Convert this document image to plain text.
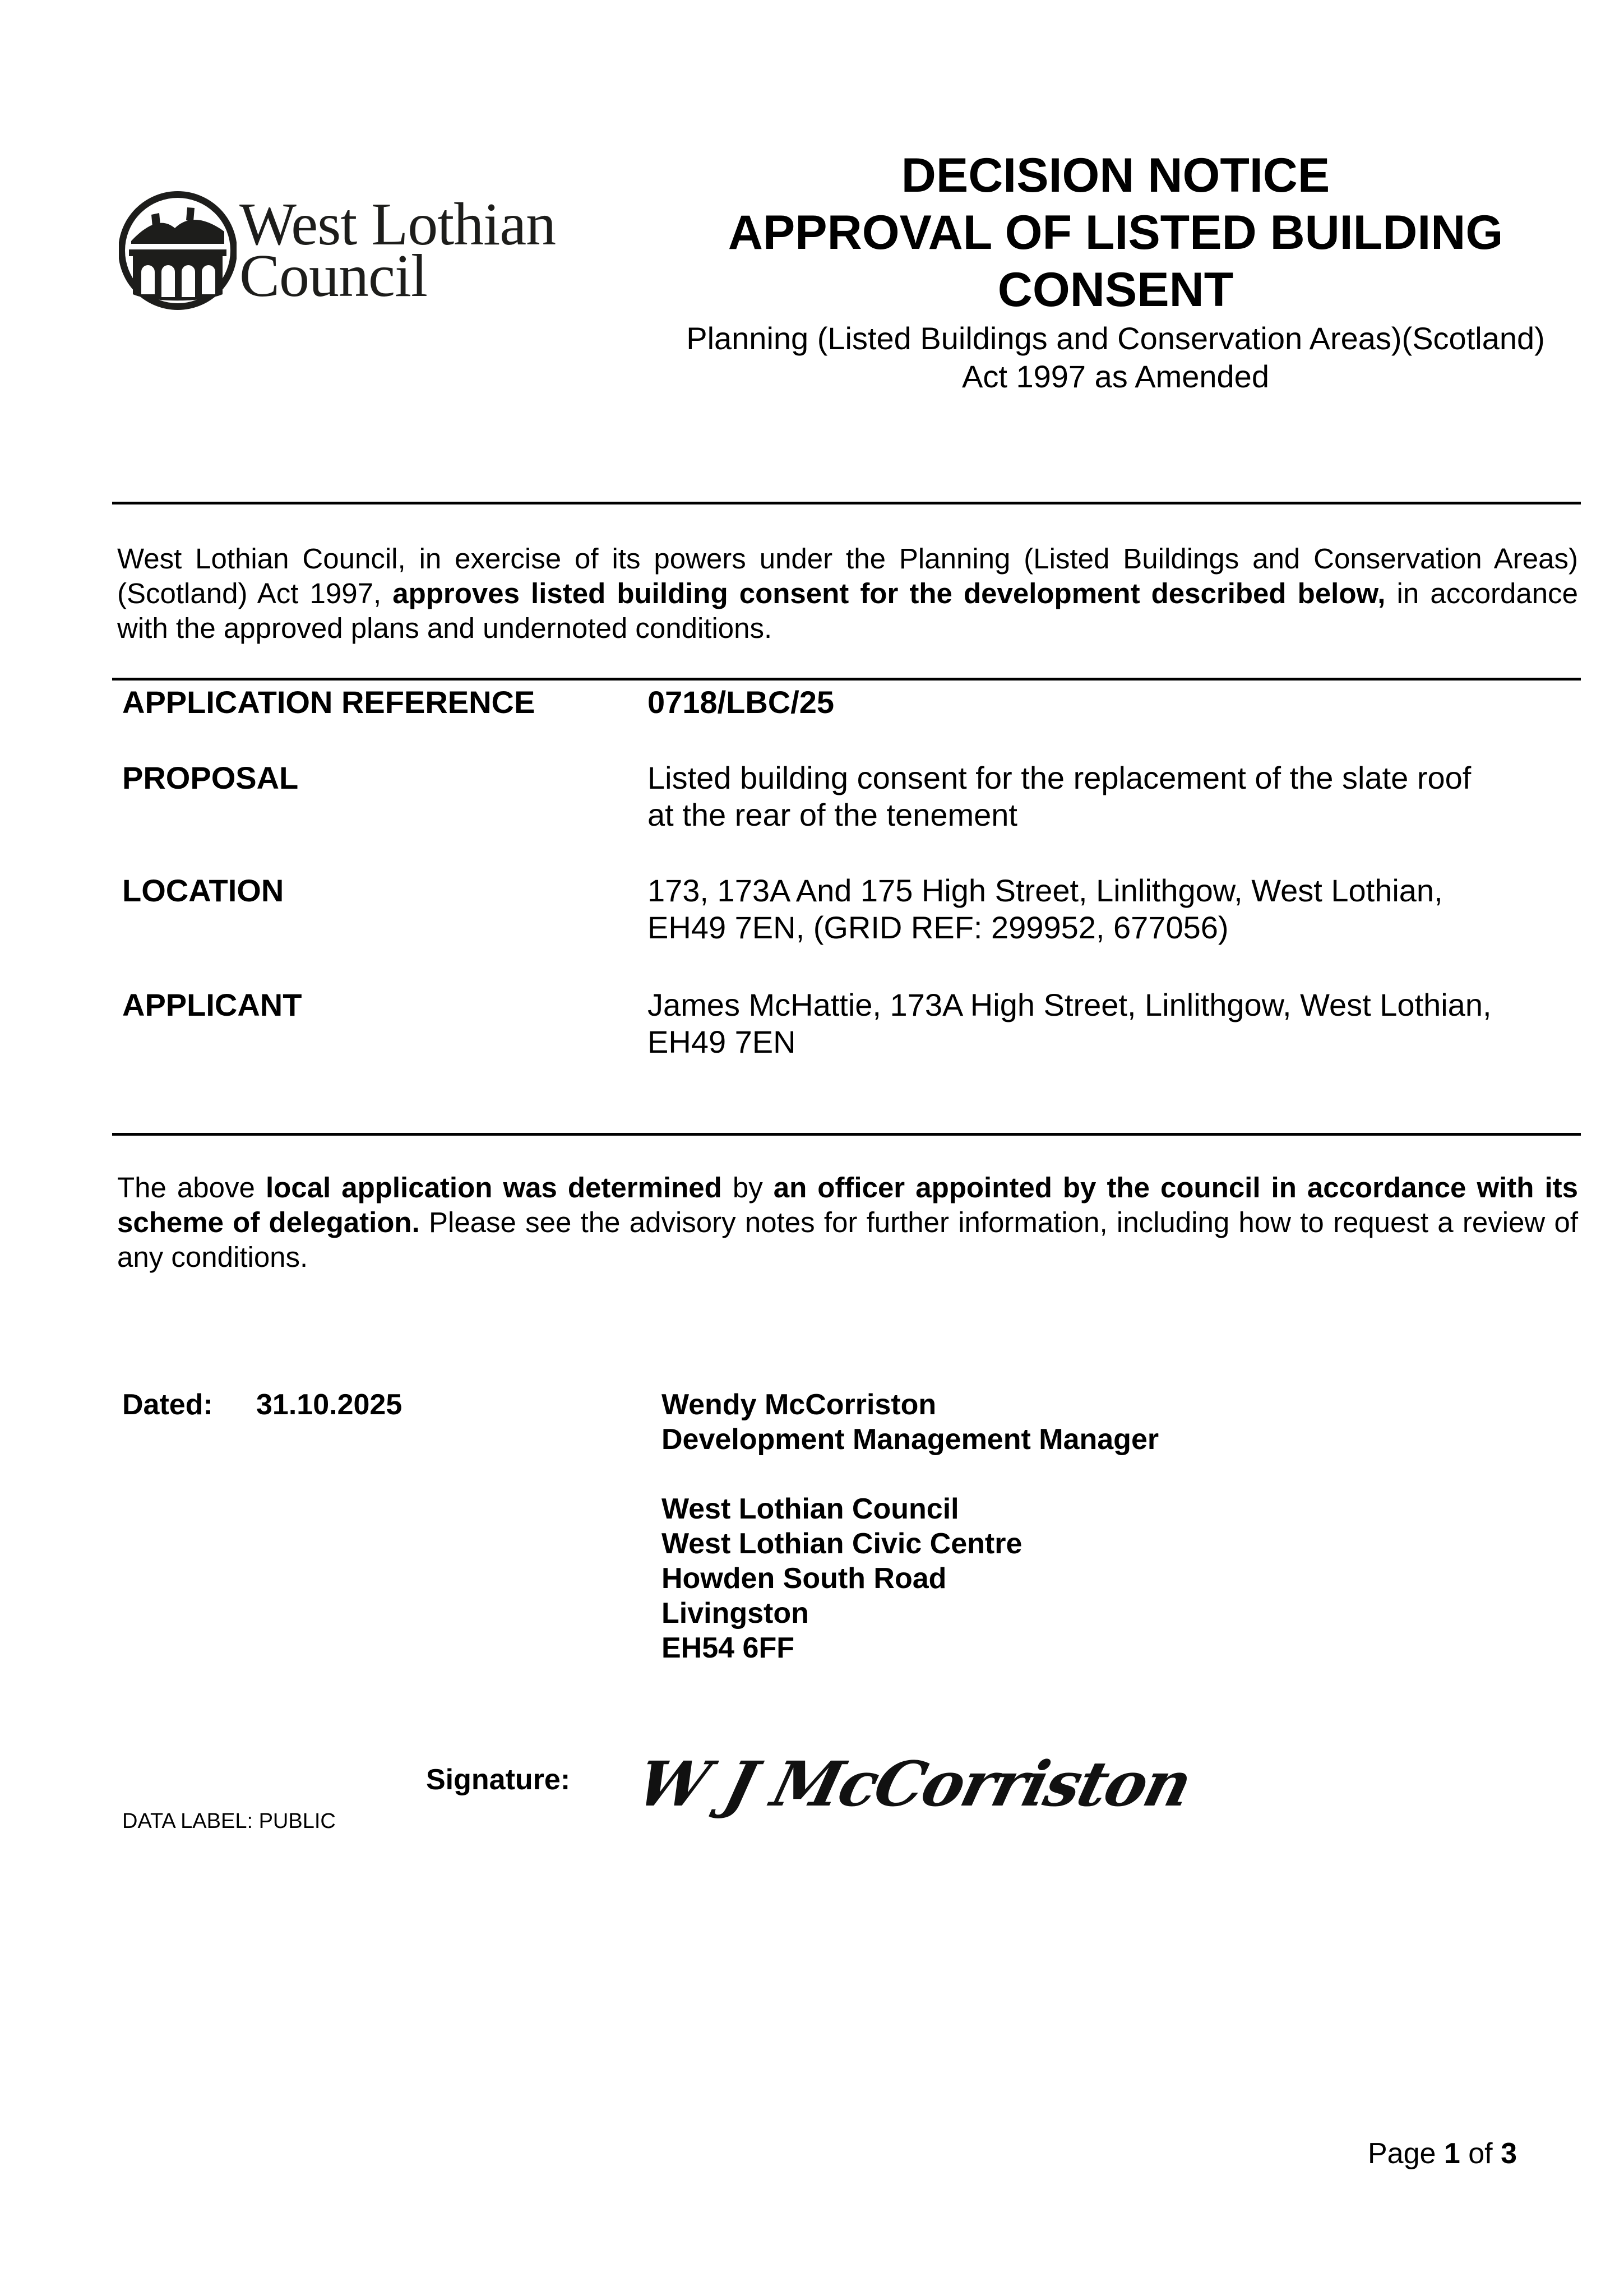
West Lothian
Council
DECISION NOTICE
APPROVAL OF LISTED BUILDING
CONSENT
Planning (Listed Buildings and Conservation Areas)(Scotland)
Act 1997 as Amended
West Lothian Council, in exercise of its powers under the Planning (Listed Buildings and Conservation Areas)(Scotland) Act 1997, approves listed building consent for the development described below, in accordance with the approved plans and undernoted conditions.
APPLICATION REFERENCE	0718/LBC/25
PROPOSAL	Listed building consent for the replacement of the slate roof
at the rear of the tenement
LOCATION	173, 173A And 175 High Street, Linlithgow, West Lothian,
EH49 7EN, (GRID REF: 299952, 677056)
APPLICANT	James McHattie, 173A High Street, Linlithgow, West Lothian,
EH49 7EN
The above local application was determined by an officer appointed by the council in accordance with its scheme of delegation. Please see the advisory notes for further information, including how to request a review of any conditions.
Dated: 31.10.2025	Wendy McCorriston
Development Management Manager
West Lothian Council
West Lothian Civic Centre
Howden South Road
Livingston
EH54 6FF
Signature: W J McCorriston
DATA LABEL: PUBLIC
Page 1 of 3
